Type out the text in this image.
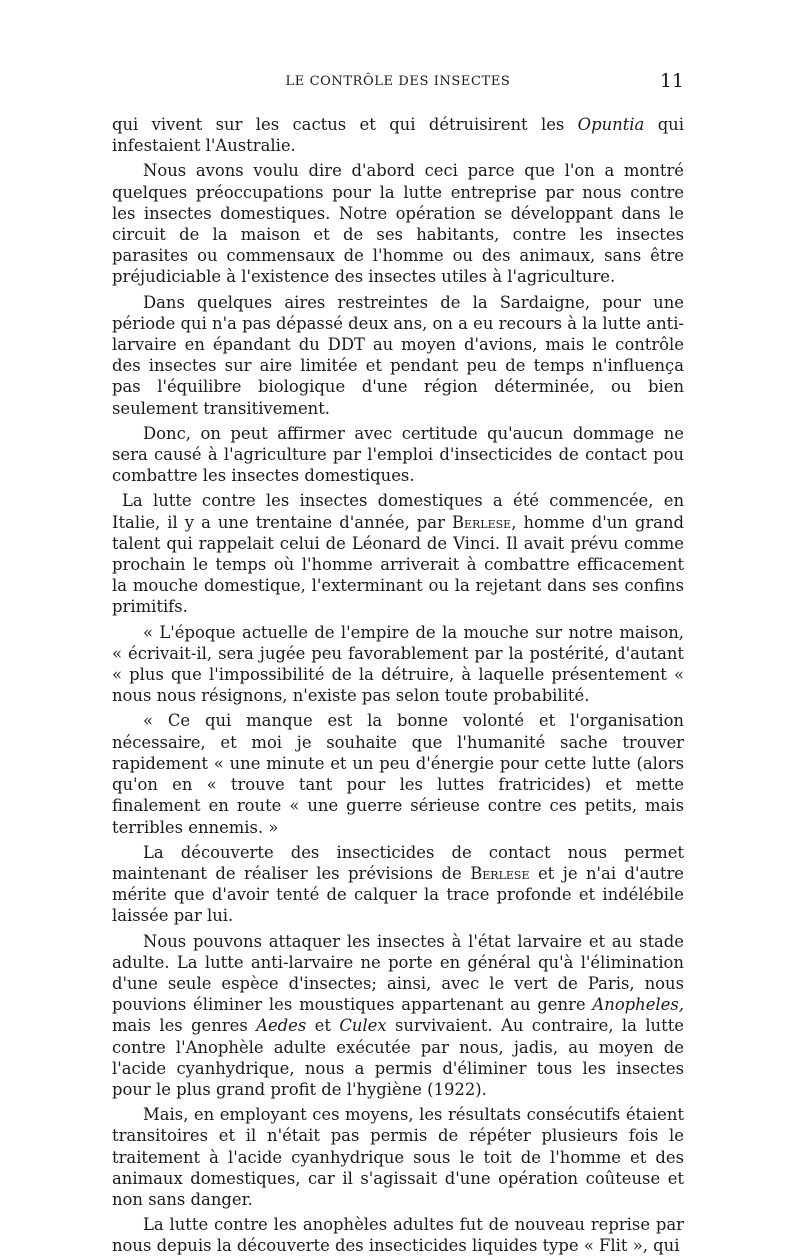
LE CONTRÔLE DES INSECTES	11

qui vivent sur les cactus et qui détruisirent les Opuntia qui infestaient l'Australie.

Nous avons voulu dire d'abord ceci parce que l'on a montré quelques préoccupations pour la lutte entreprise par nous contre les insectes domestiques. Notre opération se développant dans le circuit de la maison et de ses habitants, contre les insectes parasites ou commensaux de l'homme ou des animaux, sans être préjudiciable à l'existence des insectes utiles à l'agriculture.

Dans quelques aires restreintes de la Sardaigne, pour une période qui n'a pas dépassé deux ans, on a eu recours à la lutte anti-larvaire en épandant du DDT au moyen d'avions, mais le contrôle des insectes sur aire limitée et pendant peu de temps n'influença pas l'équilibre biologique d'une région déterminée, ou bien seulement transitivement.

Donc, on peut affirmer avec certitude qu'aucun dommage ne sera causé à l'agriculture par l'emploi d'insecticides de contact pou combattre les insectes domestiques.

La lutte contre les insectes domestiques a été commencée, en Italie, il y a une trentaine d'année, par Berlese, homme d'un grand talent qui rappelait celui de Léonard de Vinci. Il avait prévu comme prochain le temps où l'homme arriverait à combattre efficacement la mouche domestique, l'exterminant ou la rejetant dans ses confins primitifs.

« L'époque actuelle de l'empire de la mouche sur notre maison, « écrivait-il, sera jugée peu favorablement par la postérité, d'autant « plus que l'impossibilité de la détruire, à laquelle présentement « nous nous résignons, n'existe pas selon toute probabilité.

« Ce qui manque est la bonne volonté et l'organisation nécessaire, et moi je souhaite que l'humanité sache trouver rapidement « une minute et un peu d'énergie pour cette lutte (alors qu'on en « trouve tant pour les luttes fratricides) et mette finalement en route « une guerre sérieuse contre ces petits, mais terribles ennemis. »

La découverte des insecticides de contact nous permet maintenant de réaliser les prévisions de Berlese et je n'ai d'autre mérite que d'avoir tenté de calquer la trace profonde et indélébile laissée par lui.

Nous pouvons attaquer les insectes à l'état larvaire et au stade adulte. La lutte anti-larvaire ne porte en général qu'à l'élimination d'une seule espèce d'insectes; ainsi, avec le vert de Paris, nous pouvions éliminer les moustiques appartenant au genre Anopheles, mais les genres Aedes et Culex survivaient. Au contraire, la lutte contre l'Anophèle adulte exécutée par nous, jadis, au moyen de l'acide cyanhydrique, nous a permis d'éliminer tous les insectes pour le plus grand profit de l'hygiène (1922).

Mais, en employant ces moyens, les résultats consécutifs étaient transitoires et il n'était pas permis de répéter plusieurs fois le traitement à l'acide cyanhydrique sous le toit de l'homme et des animaux domestiques, car il s'agissait d'une opération coûteuse et non sans danger.

La lutte contre les anophèles adultes fut de nouveau reprise par nous depuis la découverte des insecticides liquides type « Flit », qui
